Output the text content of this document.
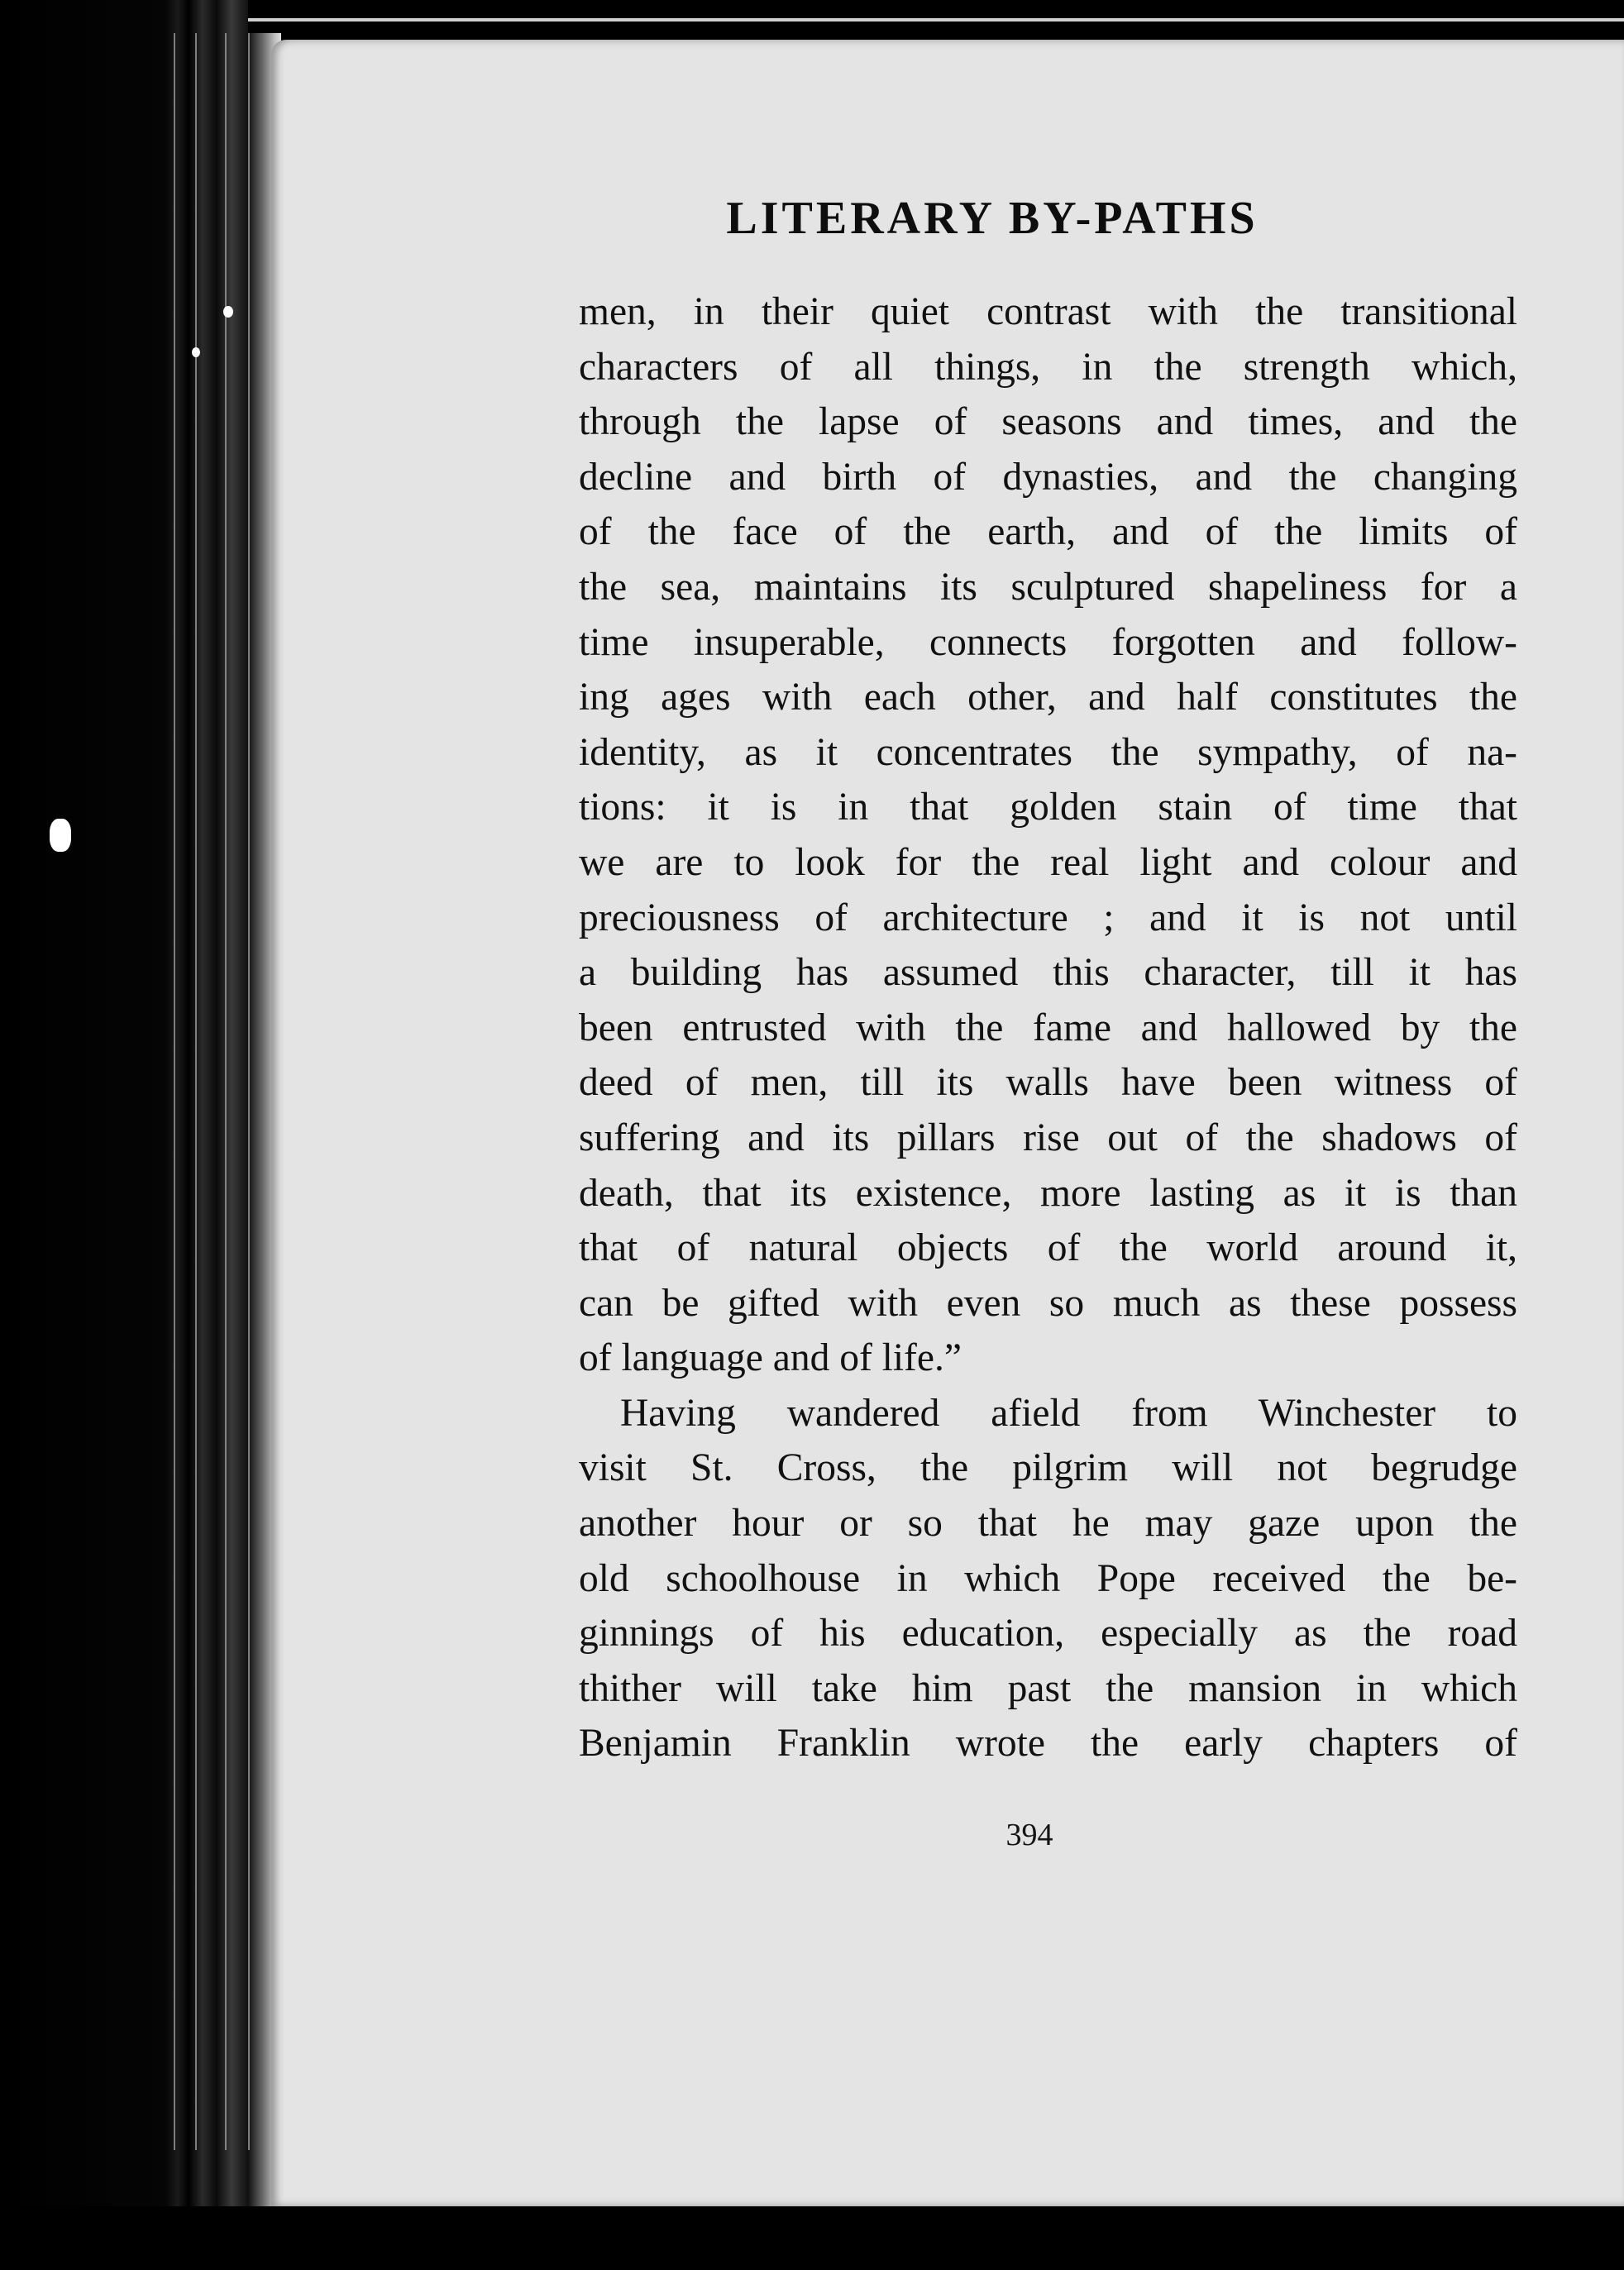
LITERARY BY-PATHS
men, in their quiet contrast with the transitional
characters of all things, in the strength which,
through the lapse of seasons and times, and the
decline and birth of dynasties, and the changing
of the face of the earth, and of the limits of
the sea, maintains its sculptured shapeliness for a
time insuperable, connects forgotten and follow-
ing ages with each other, and half constitutes the
identity, as it concentrates the sympathy, of na-
tions: it is in that golden stain of time that
we are to look for the real light and colour and
preciousness of architecture ; and it is not until
a building has assumed this character, till it has
been entrusted with the fame and hallowed by the
deed of men, till its walls have been witness of
suffering and its pillars rise out of the shadows of
death, that its existence, more lasting as it is than
that of natural objects of the world around it,
can be gifted with even so much as these possess
of language and of life.”
Having wandered afield from Winchester to
visit St. Cross, the pilgrim will not begrudge
another hour or so that he may gaze upon the
old schoolhouse in which Pope received the be-
ginnings of his education, especially as the road
thither will take him past the mansion in which
Benjamin Franklin wrote the early chapters of
394
